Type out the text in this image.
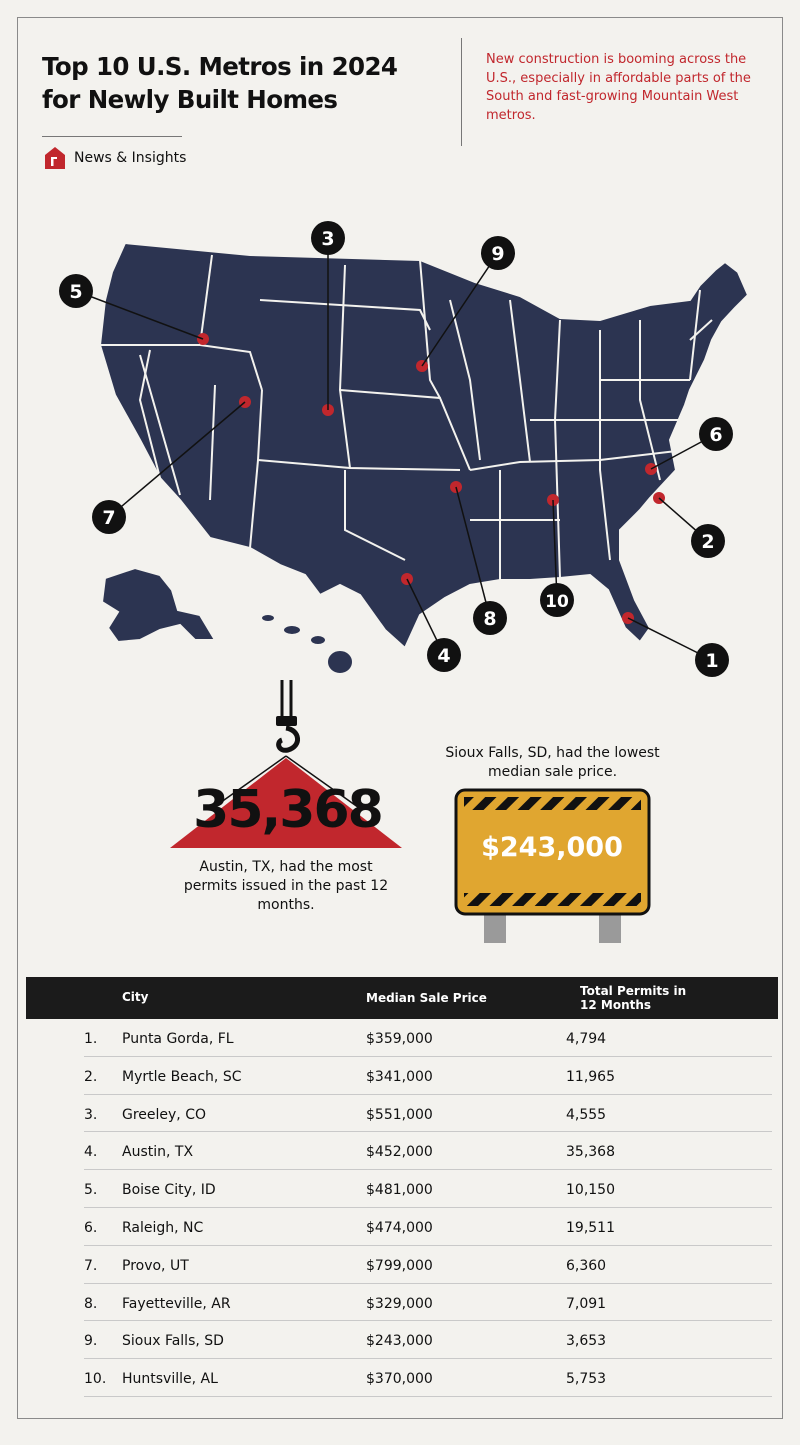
Top 10 U.S. Metros in 2024 for Newly Built Homes
News & Insights
New construction is booming across the U.S., especially in affordable parts of the South and fast-growing Mountain West metros.
1
2
3
4
5
6
7
8
9
10
35,368
Austin, TX, had the most permits issued in the past 12 months.
Sioux Falls, SD, had the lowest median sale price.
$243,000
City	Median Sale Price	Total Permits in 12 Months
1. Punta Gorda, FL	$359,000	4,794
2. Myrtle Beach, SC	$341,000	11,965
3. Greeley, CO	$551,000	4,555
4. Austin, TX	$452,000	35,368
5. Boise City, ID	$481,000	10,150
6. Raleigh, NC	$474,000	19,511
7. Provo, UT	$799,000	6,360
8. Fayetteville, AR	$329,000	7,091
9. Sioux Falls, SD	$243,000	3,653
10. Huntsville, AL	$370,000	5,753
